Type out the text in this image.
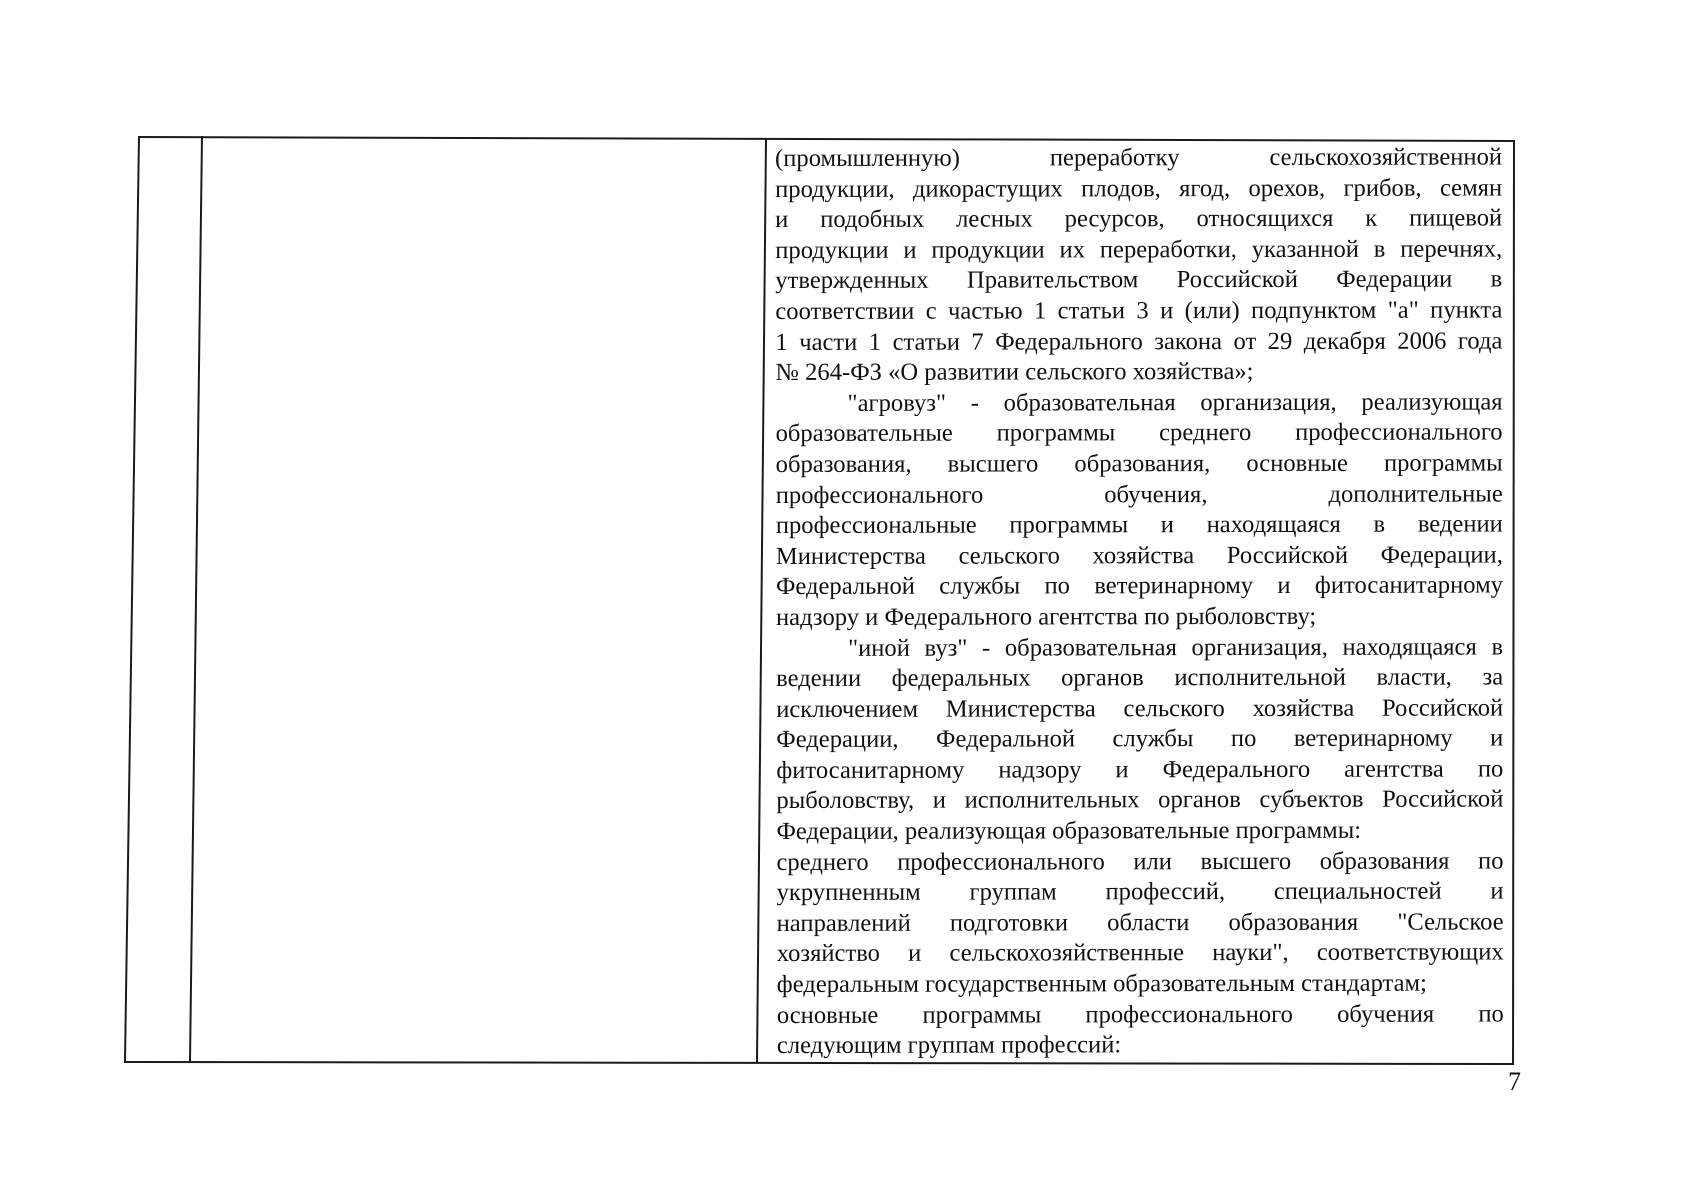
(промышленную) переработку сельскохозяйственной
продукции, дикорастущих плодов, ягод, орехов, грибов, семян
и подобных лесных ресурсов, относящихся к пищевой
продукции и продукции их переработки, указанной в перечнях,
утвержденных Правительством Российской Федерации в
соответствии с частью 1 статьи 3 и (или) подпунктом "а" пункта
1 части 1 статьи 7 Федерального закона от 29 декабря 2006 года
№ 264-ФЗ «О развитии сельского хозяйства»;
"агровуз" - образовательная организация, реализующая
образовательные программы среднего профессионального
образования, высшего образования, основные программы
профессионального обучения, дополнительные
профессиональные программы и находящаяся в ведении
Министерства сельского хозяйства Российской Федерации,
Федеральной службы по ветеринарному и фитосанитарному
надзору и Федерального агентства по рыболовству;
"иной вуз" - образовательная организация, находящаяся в
ведении федеральных органов исполнительной власти, за
исключением Министерства сельского хозяйства Российской
Федерации, Федеральной службы по ветеринарному и
фитосанитарному надзору и Федерального агентства по
рыболовству, и исполнительных органов субъектов Российской
Федерации, реализующая образовательные программы:
среднего профессионального или высшего образования по
укрупненным группам профессий, специальностей и
направлений подготовки области образования "Сельское
хозяйство и сельскохозяйственные науки", соответствующих
федеральным государственным образовательным стандартам;
основные программы профессионального обучения по
следующим группам профессий:
7
